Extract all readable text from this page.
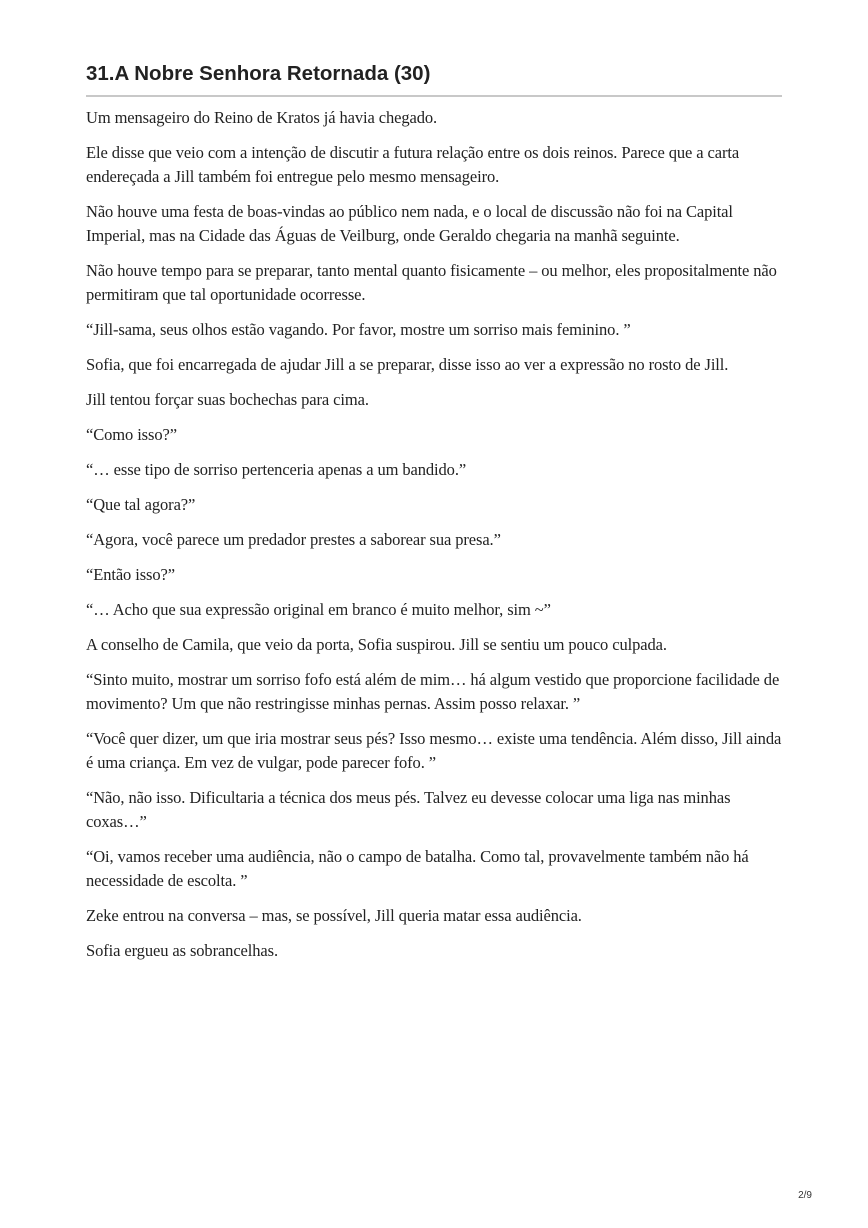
31.A Nobre Senhora Retornada (30)

Um mensageiro do Reino de Kratos já havia chegado.

Ele disse que veio com a intenção de discutir a futura relação entre os dois reinos. Parece que a carta endereçada a Jill também foi entregue pelo mesmo mensageiro.

Não houve uma festa de boas-vindas ao público nem nada, e o local de discussão não foi na Capital Imperial, mas na Cidade das Águas de Veilburg, onde Geraldo chegaria na manhã seguinte.

Não houve tempo para se preparar, tanto mental quanto fisicamente – ou melhor, eles propositalmente não permitiram que tal oportunidade ocorresse.

“Jill-sama, seus olhos estão vagando. Por favor, mostre um sorriso mais feminino. ”

Sofia, que foi encarregada de ajudar Jill a se preparar, disse isso ao ver a expressão no rosto de Jill.

Jill tentou forçar suas bochechas para cima.

“Como isso?”

“… esse tipo de sorriso pertenceria apenas a um bandido.”

“Que tal agora?”

“Agora, você parece um predador prestes a saborear sua presa.”

“Então isso?”

“… Acho que sua expressão original em branco é muito melhor, sim ~”

A conselho de Camila, que veio da porta, Sofia suspirou. Jill se sentiu um pouco culpada.

“Sinto muito, mostrar um sorriso fofo está além de mim… há algum vestido que proporcione facilidade de movimento? Um que não restringisse minhas pernas. Assim posso relaxar. ”

“Você quer dizer, um que iria mostrar seus pés? Isso mesmo… existe uma tendência. Além disso, Jill ainda é uma criança. Em vez de vulgar, pode parecer fofo. ”

“Não, não isso. Dificultaria a técnica dos meus pés. Talvez eu devesse colocar uma liga nas minhas coxas…”

“Oi, vamos receber uma audiência, não o campo de batalha. Como tal, provavelmente também não há necessidade de escolta. ”

Zeke entrou na conversa – mas, se possível, Jill queria matar essa audiência.

Sofia ergueu as sobrancelhas.

2/9
